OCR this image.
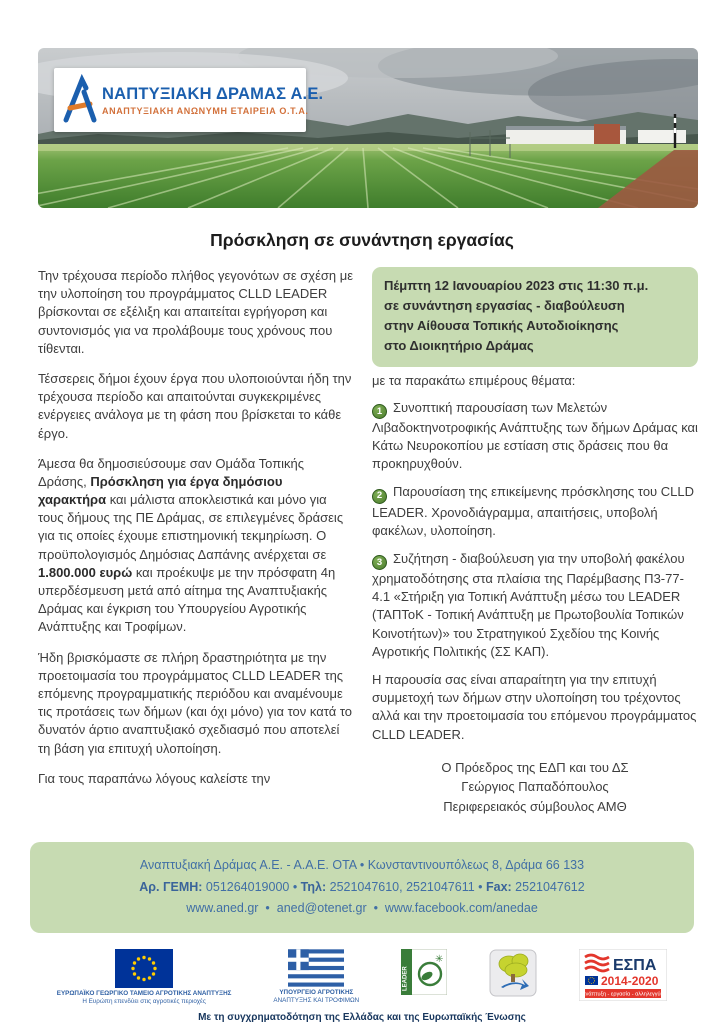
ΝΑΠΤΥΞΙΑΚΗ ΔΡΑΜΑΣ Α.Ε.
ΑΝΑΠΤΥΞΙΑΚΗ ΑΝΩΝΥΜΗ ΕΤΑΙΡΕΙΑ Ο.Τ.Α.
Πρόσκληση σε συνάντηση εργασίας

Την τρέχουσα περίοδο πλήθος γεγονότων σε σχέση με την υλοποίηση του προγράμματος CLLD LEADER βρίσκονται σε εξέλιξη και απαιτείται εγρήγορση και συντονισμός για να προλάβουμε τους χρόνους που τίθενται.

Τέσσερεις δήμοι έχουν έργα που υλοποιούνται ήδη την τρέχουσα περίοδο και απαιτούνται συγκεκριμένες ενέργειες ανάλογα με τη φάση που βρίσκεται το κάθε έργο.

Άμεσα θα δημοσιεύσουμε σαν Ομάδα Τοπικής Δράσης, Πρόσκληση για έργα δημόσιου χαρακτήρα και μάλιστα αποκλειστικά και μόνο για τους δήμους της ΠΕ Δράμας, σε επιλεγμένες δράσεις για τις οποίες έχουμε επιστημονική τεκμηρίωση. Ο προϋπολογισμός Δημόσιας Δαπάνης ανέρχεται σε 1.800.000 ευρώ και προέκυψε με την πρόσφατη 4η υπερδέσμευση μετά από αίτημα της Αναπτυξιακής Δράμας και έγκριση του Υπουργείου Αγροτικής Ανάπτυξης και Τροφίμων.

Ήδη βρισκόμαστε σε πλήρη δραστηριότητα με την προετοιμασία του προγράμματος CLLD LEADER της επόμενης προγραμματικής περιόδου και αναμένουμε τις προτάσεις των δήμων (και όχι μόνο) για τον κατά το δυνατόν άρτιο αναπτυξιακό σχεδιασμό που αποτελεί τη βάση για επιτυχή υλοποίηση.

Για τους παραπάνω λόγους καλείστε την

Πέμπτη 12 Ιανουαρίου 2023 στις 11:30 π.μ.
σε συνάντηση εργασίας - διαβούλευση
στην Αίθουσα Τοπικής Αυτοδιοίκησης
στο Διοικητήριο Δράμας
με τα παρακάτω επιμέρους θέματα:

1 Συνοπτική παρουσίαση των Μελετών Λιβαδοκτηνοτροφικής Ανάπτυξης των δήμων Δράμας και Κάτω Νευροκοπίου με εστίαση στις δράσεις που θα προκηρυχθούν.

2 Παρουσίαση της επικείμενης πρόσκλησης του CLLD LEADER. Χρονοδιάγραμμα, απαιτήσεις, υποβολή φακέλων, υλοποίηση.

3 Συζήτηση - διαβούλευση για την υποβολή φακέλου χρηματοδότησης στα πλαίσια της Παρέμβασης Π3-77-4.1 «Στήριξη για Τοπική Ανάπτυξη μέσω του LEADER (ΤΑΠΤοΚ - Τοπική Ανάπτυξη με Πρωτοβουλία Τοπικών Κοινοτήτων)» του Στρατηγικού Σχεδίου της Κοινής Αγροτικής Πολιτικής (ΣΣ ΚΑΠ).

Η παρουσία σας είναι απαραίτητη για την επιτυχή συμμετοχή των δήμων στην υλοποίηση του τρέχοντος αλλά και την προετοιμασία του επόμενου προγράμματος CLLD LEADER.

Ο Πρόεδρος της ΕΔΠ και του ΔΣ
Γεώργιος Παπαδόπουλος
Περιφερειακός σύμβουλος ΑΜΘ
Αναπτυξιακή Δράμας Α.Ε. - Α.Α.Ε. ΟΤΑ • Κωνσταντινουπόλεως 8, Δράμα 66 133
Αρ. ΓΕΜΗ: 051264019000 • Τηλ: 2521047610, 2521047611 • Fax: 2521047612
www.aned.gr • aned@otenet.gr • www.facebook.com/anedae
ΕΥΡΩΠΑΪΚΟ ΓΕΩΡΓΙΚΟ ΤΑΜΕΙΟ ΑΓΡΟΤΙΚΗΣ ΑΝΑΠΤΥΞΗΣ
Η Ευρώπη επενδύει στις αγροτικές περιοχές
ΥΠΟΥΡΓΕΙΟ ΑΓΡΟΤΙΚΗΣ
ΑΝΑΠΤΥΞΗΣ ΚΑΙ ΤΡΟΦΙΜΩΝ
LEADER
✳	ΕΣΠΑ
2014-2020
ανάπτυξη - εργασία - αλληλεγγύη
Με τη συγχρηματοδότηση της Ελλάδας και της Ευρωπαϊκής Ένωσης
